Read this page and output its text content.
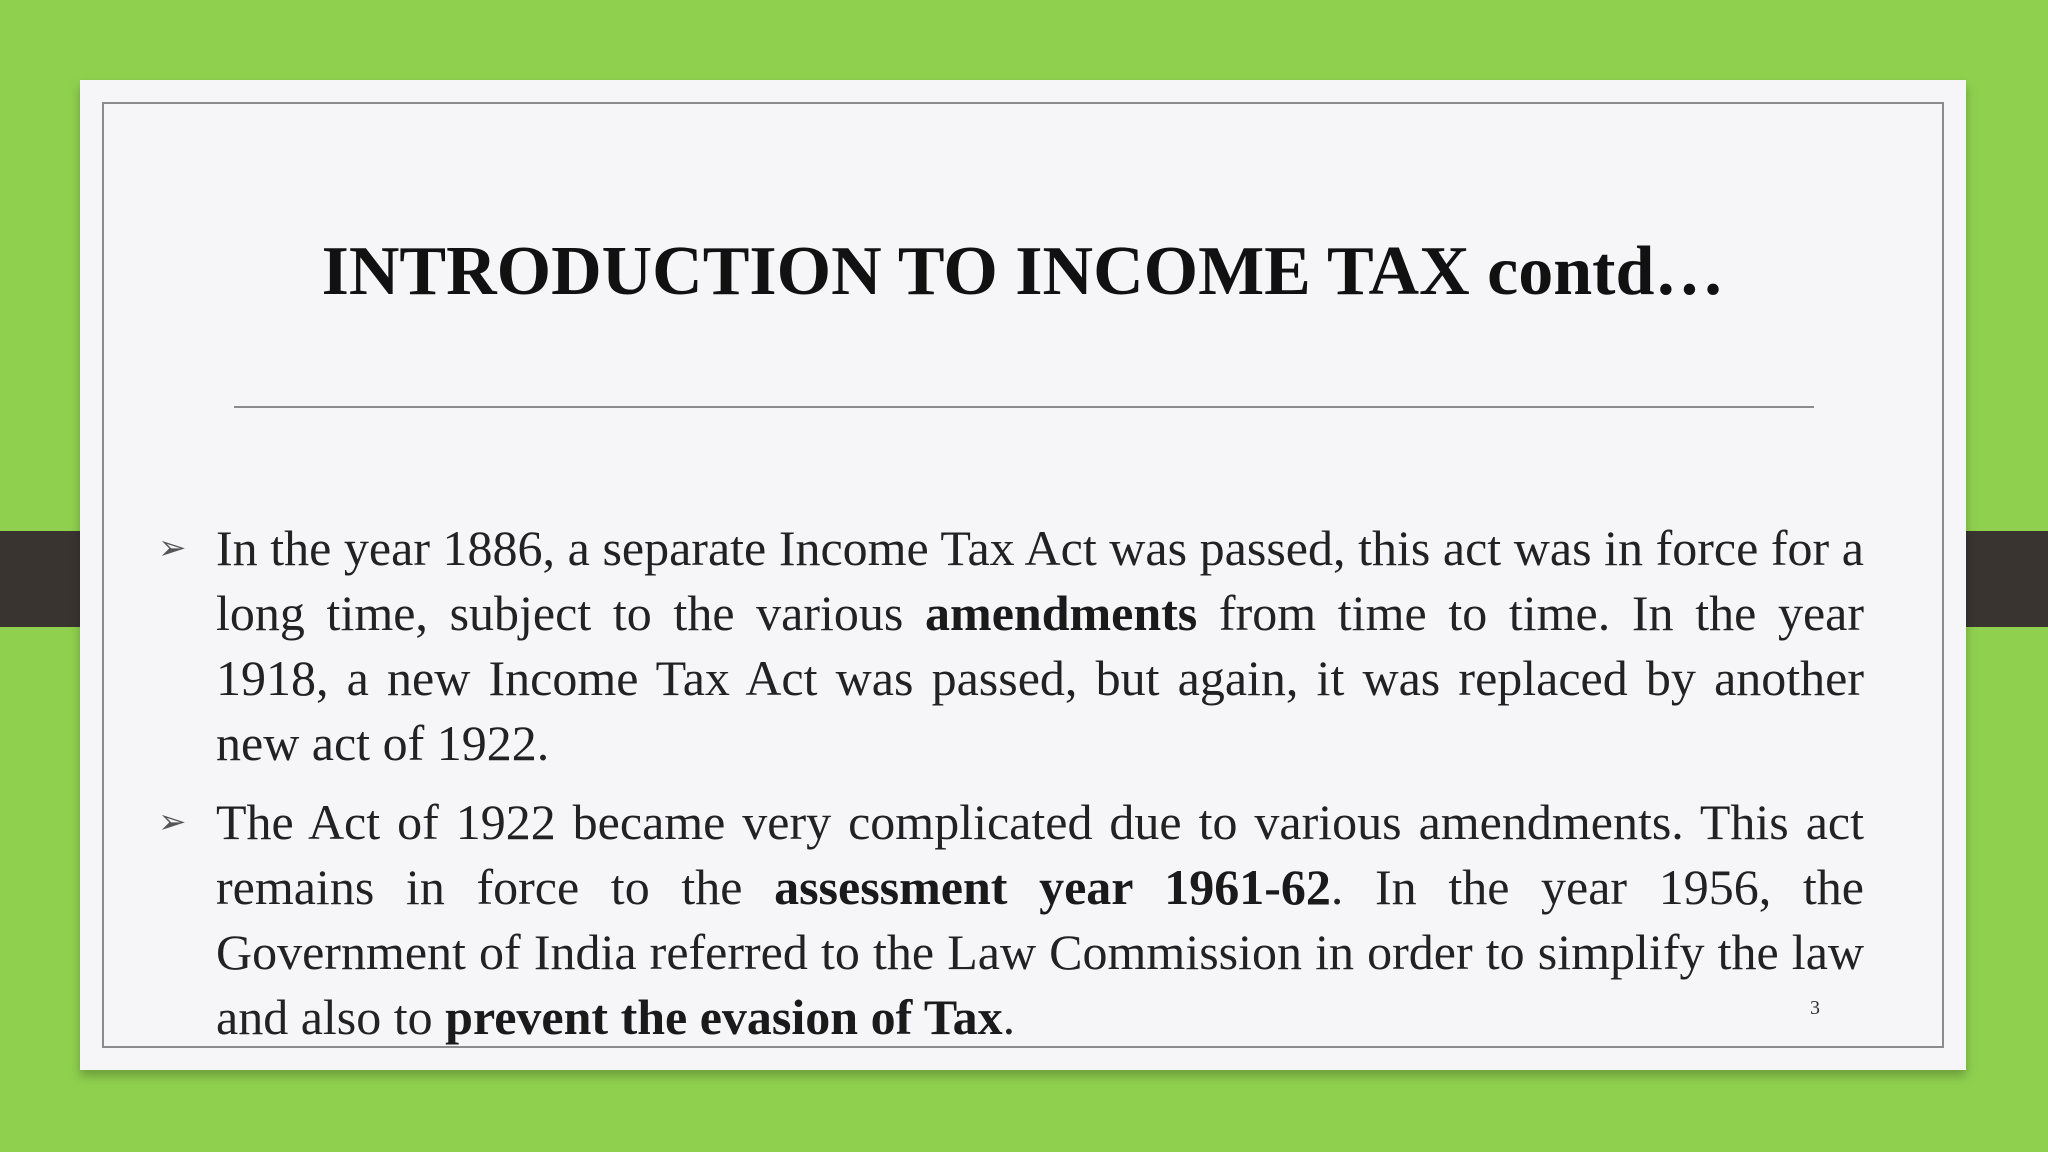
INTRODUCTION TO INCOME TAX contd…
➢ In the year 1886, a separate Income Tax Act was passed, this act was in force for a long time, subject to the various amendments from time to time. In the year 1918, a new Income Tax Act was passed, but again, it was replaced by another new act of 1922.
➢ The Act of 1922 became very complicated due to various amendments. This act remains in force to the assessment year 1961-62. In the year 1956, the Government of India referred to the Law Commission in order to simplify the law and also to prevent the evasion of Tax.	3
